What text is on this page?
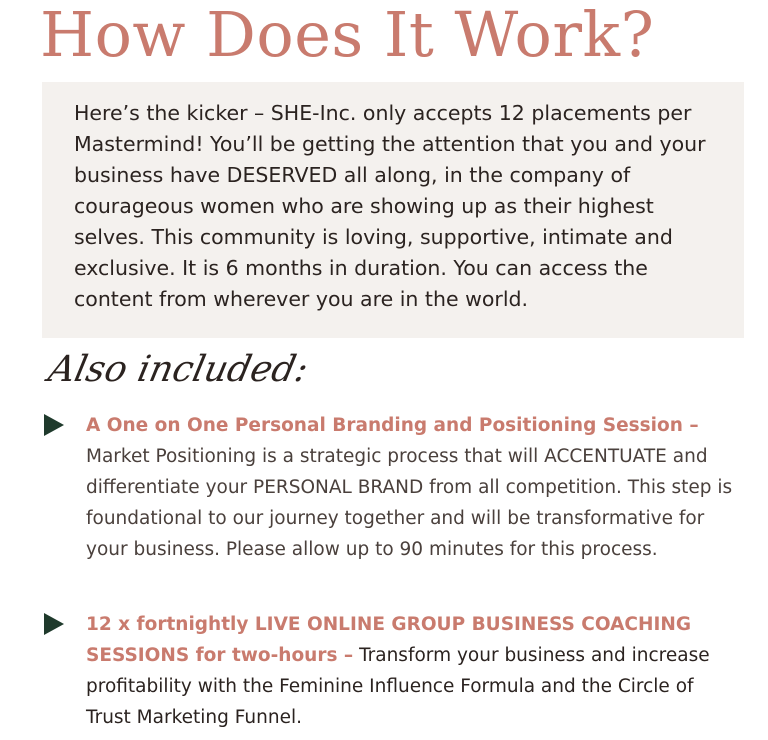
How Does It Work?

Here’s the kicker – SHE-Inc. only accepts 12 placements per Mastermind! You’ll be getting the attention that you and your business have DESERVED all along, in the company of courageous women who are showing up as their highest selves. This community is loving, supportive, intimate and exclusive. It is 6 months in duration. You can access the content from wherever you are in the world.

Also included:

A One on One Personal Branding and Positioning Session –
Market Positioning is a strategic process that will ACCENTUATE and differentiate your PERSONAL BRAND from all competition. This step is foundational to our journey together and will be transformative for your business. Please allow up to 90 minutes for this process.

12 x fortnightly LIVE ONLINE GROUP BUSINESS COACHING SESSIONS for two-hours – Transform your business and increase profitability with the Feminine Influence Formula and the Circle of Trust Marketing Funnel.
